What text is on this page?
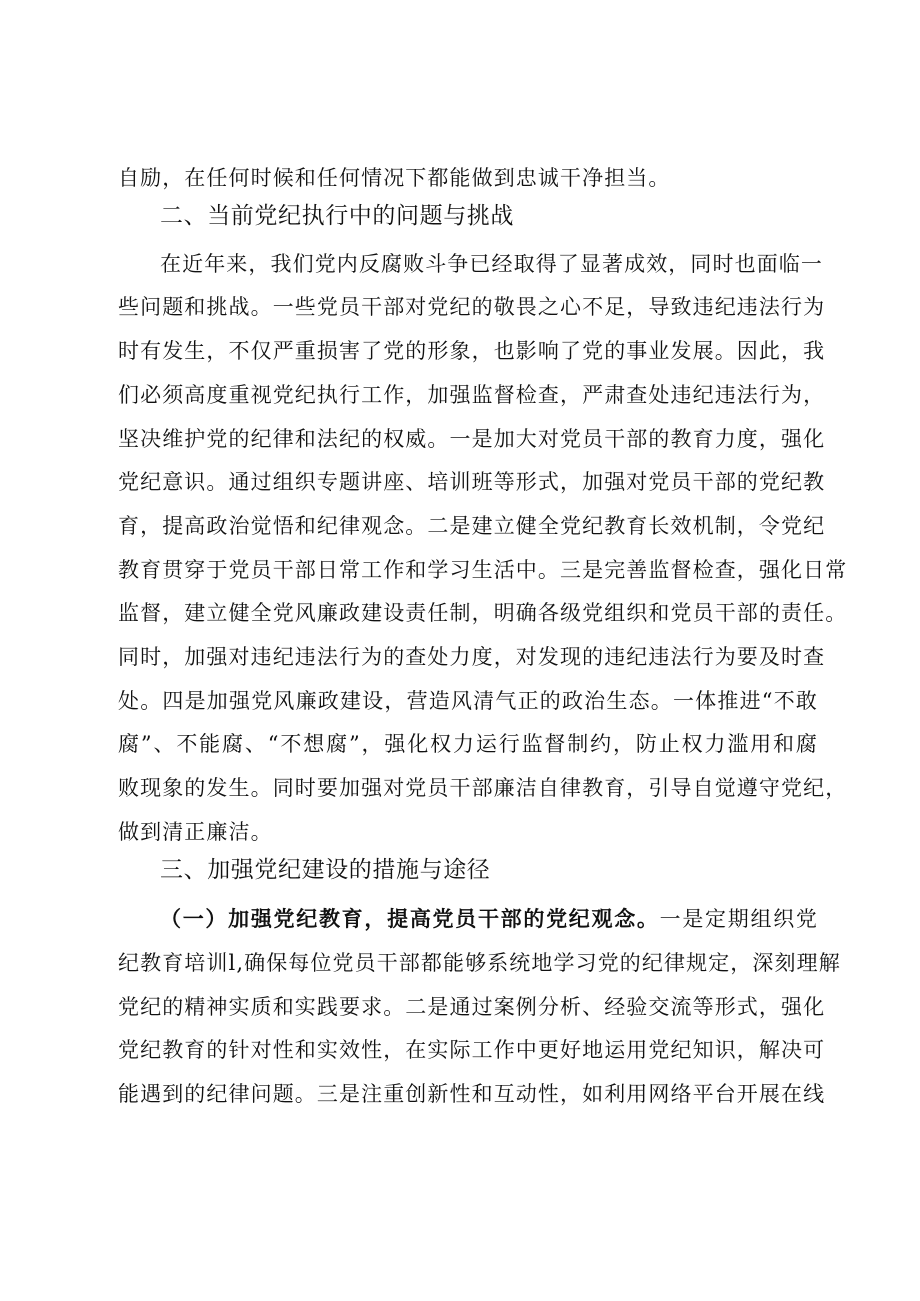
自励，在任何时候和任何情况下都能做到忠诚干净担当。
二、当前党纪执行中的问题与挑战
在近年来，我们党内反腐败斗争已经取得了显著成效，同时也面临一
些问题和挑战。一些党员干部对党纪的敬畏之心不足，导致违纪违法行为
时有发生，不仅严重损害了党的形象，也影响了党的事业发展。因此，我
们必须高度重视党纪执行工作，加强监督检查，严肃查处违纪违法行为，
坚决维护党的纪律和法纪的权威。一是加大对党员干部的教育力度，强化
党纪意识。通过组织专题讲座、培训班等形式，加强对党员干部的党纪教
育，提高政治觉悟和纪律观念。二是建立健全党纪教育长效机制，令党纪
教育贯穿于党员干部日常工作和学习生活中。三是完善监督检查，强化日常
监督，建立健全党风廉政建设责任制，明确各级党组织和党员干部的责任。
同时，加强对违纪违法行为的查处力度，对发现的违纪违法行为要及时查
处。四是加强党风廉政建设，营造风清气正的政治生态。一体推进“不敢
腐”、不能腐、“不想腐”，强化权力运行监督制约，防止权力滥用和腐
败现象的发生。同时要加强对党员干部廉洁自律教育，引导自觉遵守党纪，
做到清正廉洁。
三、加强党纪建设的措施与途径
（一）加强党纪教育，提高党员干部的党纪观念。一是定期组织党
纪教育培训l,确保每位党员干部都能够系统地学习党的纪律规定，深刻理解
党纪的精神实质和实践要求。二是通过案例分析、经验交流等形式，强化
党纪教育的针对性和实效性，在实际工作中更好地运用党纪知识，解决可
能遇到的纪律问题。三是注重创新性和互动性，如利用网络平台开展在线
